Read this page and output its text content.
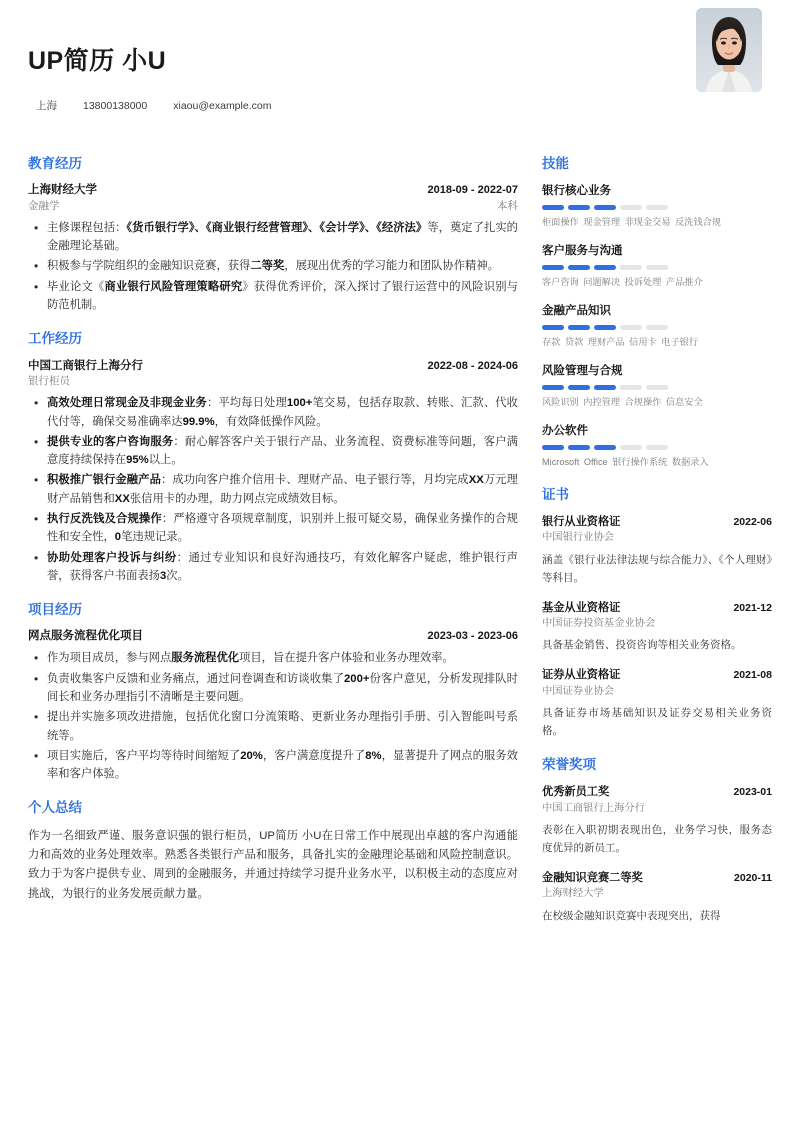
UP简历 小U
上海 13800138000 xiaou@example.com
教育经历
上海财经大学	2018-09 - 2022-07
金融学	本科
• 主修课程包括：《货币银行学》、《商业银行经营管理》、《会计学》、《经济法》等，奠定了扎实的金融理论基础。
• 积极参与学院组织的金融知识竞赛，获得二等奖，展现出优秀的学习能力和团队协作精神。
• 毕业论文《商业银行风险管理策略研究》获得优秀评价，深入探讨了银行运营中的风险识别与防范机制。
工作经历
中国工商银行上海分行	2022-08 - 2024-06
银行柜员
• 高效处理日常现金及非现金业务：平均每日处理100+笔交易，包括存取款、转账、汇款、代收代付等，确保交易准确率达99.9%，有效降低操作风险。
• 提供专业的客户咨询服务：耐心解答客户关于银行产品、业务流程、资费标准等问题，客户满意度持续保持在95%以上。
• 积极推广银行金融产品：成功向客户推介信用卡、理财产品、电子银行等，月均完成XX万元理财产品销售和XX张信用卡的办理，助力网点完成绩效目标。
• 执行反洗钱及合规操作：严格遵守各项规章制度，识别并上报可疑交易，确保业务操作的合规性和安全性，0笔违规记录。
• 协助处理客户投诉与纠纷：通过专业知识和良好沟通技巧，有效化解客户疑虑，维护银行声誉，获得客户书面表扬3次。
项目经历
网点服务流程优化项目	2023-03 - 2023-06
• 作为项目成员，参与网点服务流程优化项目，旨在提升客户体验和业务办理效率。
• 负责收集客户反馈和业务痛点，通过问卷调查和访谈收集了200+份客户意见，分析发现排队时间长和业务办理指引不清晰是主要问题。
• 提出并实施多项改进措施，包括优化窗口分流策略、更新业务办理指引手册、引入智能叫号系统等。
• 项目实施后，客户平均等待时间缩短了20%，客户满意度提升了8%，显著提升了网点的服务效率和客户体验。
个人总结

作为一名细致严谨、服务意识强的银行柜员，UP简历 小U在日常工作中展现出卓越的客户沟通能力和高效的业务处理效率。熟悉各类银行产品和服务，具备扎实的金融理论基础和风险控制意识。致力于为客户提供专业、周到的金融服务，并通过持续学习提升业务水平，以积极主动的态度应对挑战，为银行的业务发展贡献力量。

技能
银行核心业务
柜面操作 现金管理 非现金交易 反洗钱合规
客户服务与沟通
客户咨询 问题解决 投诉处理 产品推介
金融产品知识
存款 贷款 理财产品 信用卡 电子银行
风险管理与合规
风险识别 内控管理 合规操作 信息安全
办公软件
Microsoft Office 银行操作系统 数据录入
证书
银行从业资格证	2022-06
中国银行业协会
涵盖《银行业法律法规与综合能力》、《个人理财》等科目。
基金从业资格证	2021-12
中国证券投资基金业协会
具备基金销售、投资咨询等相关业务资格。
证券从业资格证	2021-08
中国证券业协会
具备证券市场基础知识及证券交易相关业务资格。
荣誉奖项
优秀新员工奖	2023-01
中国工商银行上海分行
表彰在入职初期表现出色，业务学习快，服务态度优异的新员工。
金融知识竞赛二等奖	2020-11
上海财经大学
在校级金融知识竞赛中表现突出，获得
